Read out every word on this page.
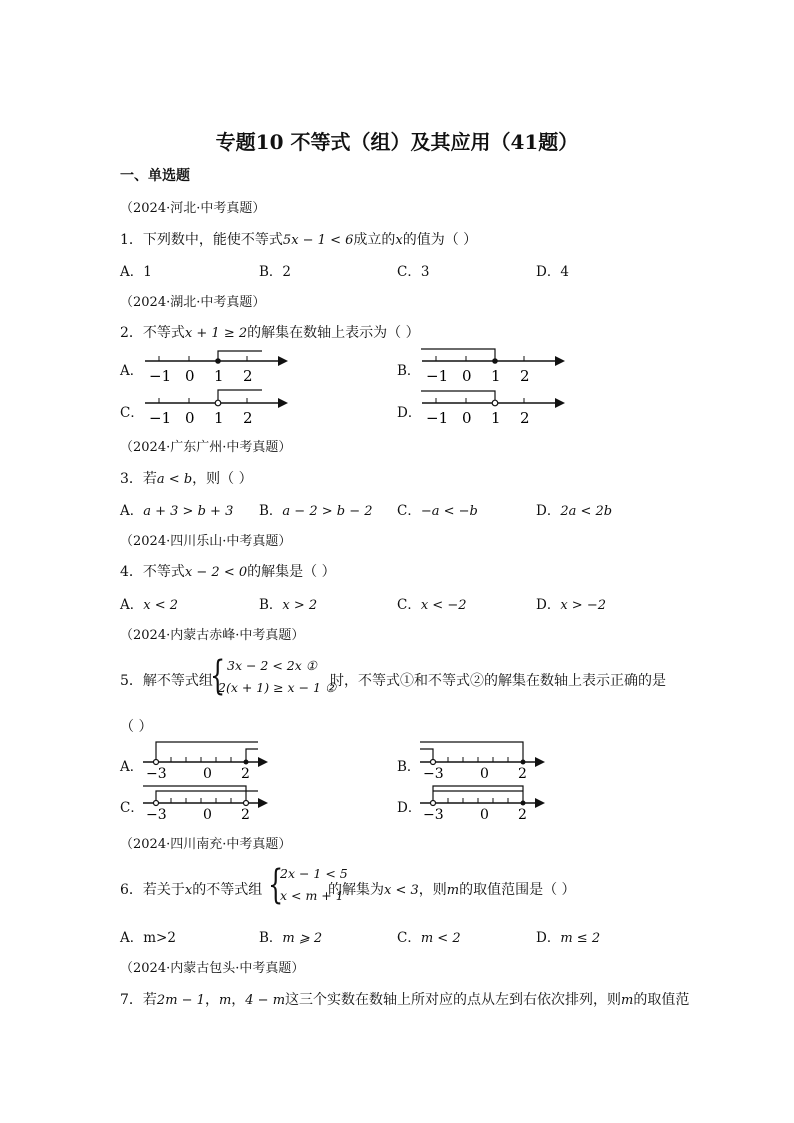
专题10 不等式（组）及其应用（41题）
一、单选题
（2024·河北·中考真题）
1．下列数中，能使不等式5x − 1 < 6成立的x的值为（ ）
A．1	B．2	C．3	D．4
（2024·湖北·中考真题）
2．不等式x + 1 ≥ 2的解集在数轴上表示为（ ）
A． −1 0 1 2	B． −1 0 1 2
C． −1 0 1 2	D． −1 0 1 2
（2024·广东广州·中考真题）
3．若a < b，则（ ）
A．a + 3 > b + 3 B．a − 2 > b − 2 C．−a < −b	D．2a < 2b
（2024·四川乐山·中考真题）
4．不等式x − 2 < 0的解集是（ ）
A．x < 2	B．x > 2	C．x < −2	D．x > −2
（2024·内蒙古赤峰·中考真题）
5．解不等式组
{ 3x − 2 < 2x ①
2(x + 1) ≥ x − 1 ②
时，不等式①和不等式②的解集在数轴上表示正确的是
（ ）
A． −3	0 2	B． −3	0 2
C． −3	0 2	D． −3	0 2
（2024·四川南充·中考真题）
6．若关于x的不等式组 {
2x − 1 < 5
x < m + 1
的解集为x < 3，则m的取值范围是（ ）
A．m>2	B．m ⩾ 2	C．m < 2	D．m ≤ 2
（2024·内蒙古包头·中考真题）
7．若2m − 1，m，4 − m这三个实数在数轴上所对应的点从左到右依次排列，则m的取值范
